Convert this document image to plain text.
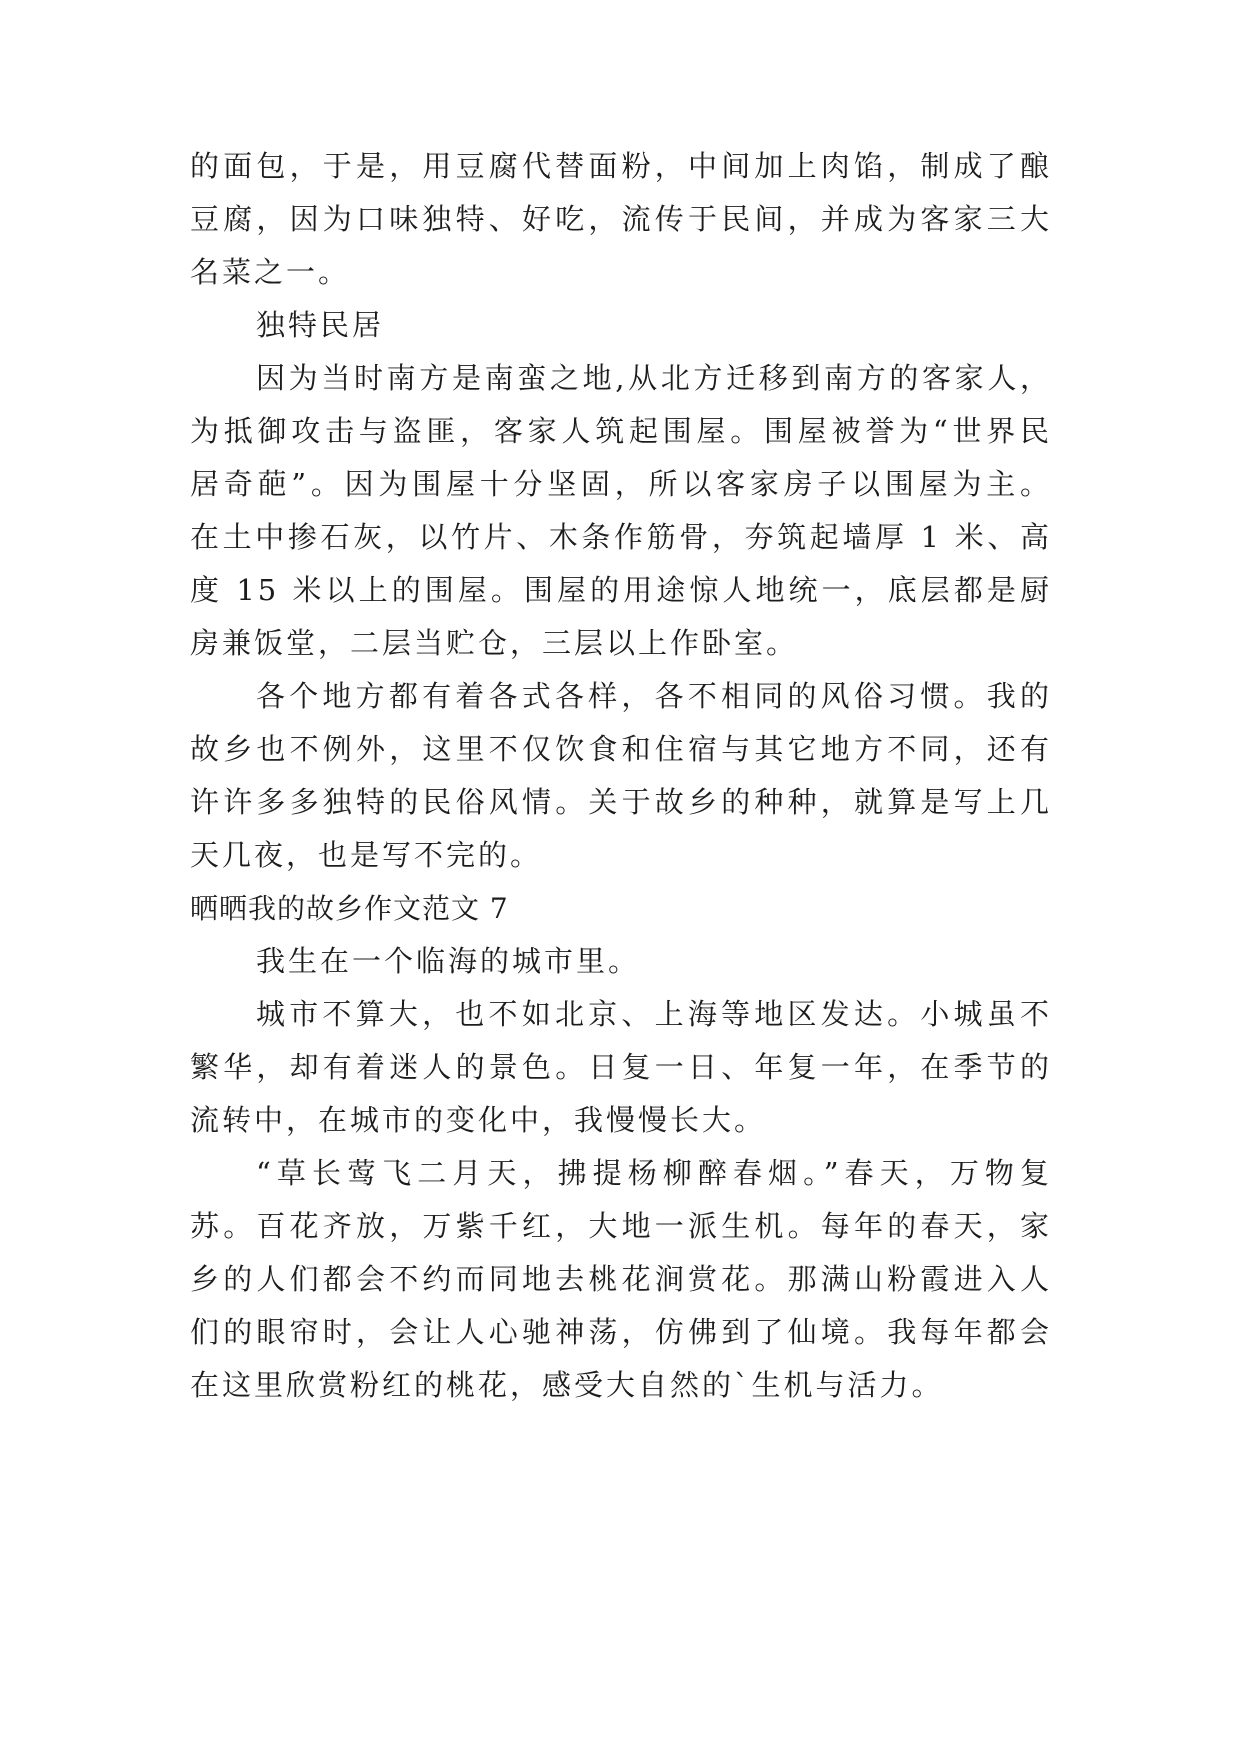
的面包，于是，用豆腐代替面粉，中间加上肉馅，制成了酿
豆腐，因为口味独特、好吃，流传于民间，并成为客家三大
名菜之一。
独特民居
因为当时南方是南蛮之地,从北方迁移到南方的客家人，
为抵御攻击与盗匪，客家人筑起围屋。围屋被誉为“世界民
居奇葩”。因为围屋十分坚固，所以客家房子以围屋为主。
在土中掺石灰，以竹片、木条作筋骨，夯筑起墙厚 1 米、高
度 15 米以上的围屋。围屋的用途惊人地统一，底层都是厨
房兼饭堂，二层当贮仓，三层以上作卧室。
各个地方都有着各式各样，各不相同的风俗习惯。我的
故乡也不例外，这里不仅饮食和住宿与其它地方不同，还有
许许多多独特的民俗风情。关于故乡的种种，就算是写上几
天几夜，也是写不完的。
晒晒我的故乡作文范文 7
我生在一个临海的城市里。
城市不算大，也不如北京、上海等地区发达。小城虽不
繁华，却有着迷人的景色。日复一日、年复一年，在季节的
流转中，在城市的变化中，我慢慢长大。
“草长莺飞二月天，拂提杨柳醉春烟。”春天，万物复
苏。百花齐放，万紫千红，大地一派生机。每年的春天，家
乡的人们都会不约而同地去桃花涧赏花。那满山粉霞进入人
们的眼帘时，会让人心驰神荡，仿佛到了仙境。我每年都会
在这里欣赏粉红的桃花，感受大自然的`生机与活力。
